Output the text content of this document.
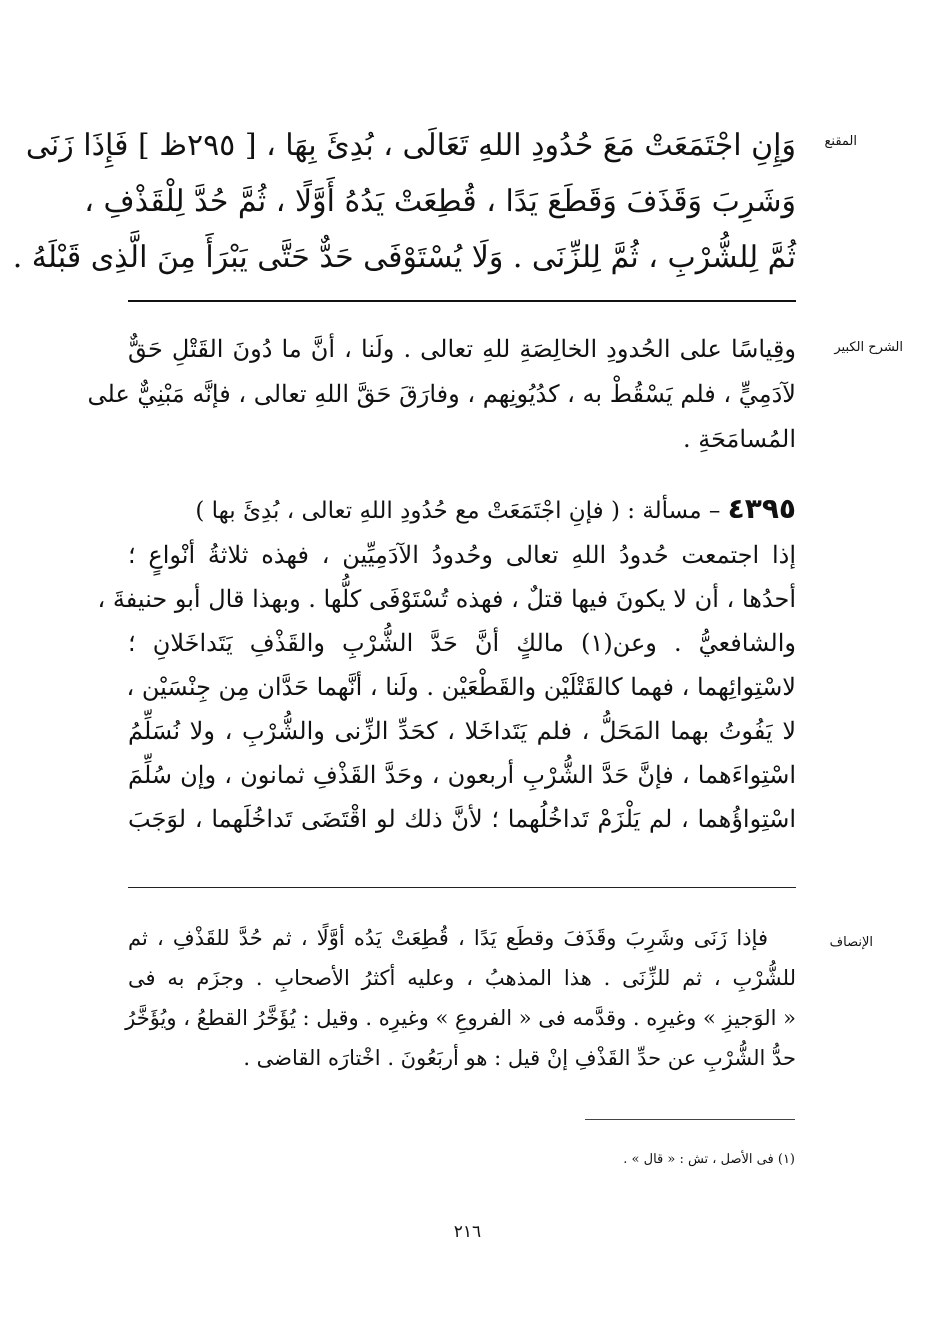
المقنع
وَإِنِ اجْتَمَعَتْ مَعَ حُدُودِ اللهِ تَعَالَى ، بُدِئَ بِهَا ، [ ٢٩٥ظ ] فَإِذَا زَنَى
وَشَرِبَ وَقَذَفَ وَقَطَعَ يَدًا ، قُطِعَتْ يَدُهُ أَوَّلًا ، ثُمَّ حُدَّ لِلْقَذْفِ ،
ثُمَّ لِلشُّرْبِ ، ثُمَّ لِلزِّنَى . وَلَا يُسْتَوْفَى حَدٌّ حَتَّى يَبْرَأَ مِنَ الَّذِى قَبْلَهُ .
الشرح الكبير
وقِياسًا على الحُدودِ الخالِصَةِ للهِ تعالى . ولَنا ، أنَّ ما دُونَ القَتْلِ حَقٌّ
لآدَمِيٍّ ، فلم يَسْقُطْ به ، كدُيُونِهم ، وفارَقَ حَقَّ اللهِ تعالى ، فإنَّه مَبْنِيٌّ على
المُسامَحَةِ .
٤٣٩٥ – مسألة : ( فإنِ اجْتَمَعَتْ مع حُدُودِ اللهِ تعالى ، بُدِئَ بها )
إذا اجتمعت حُدودُ اللهِ تعالى وحُدودُ الآدَمِيِّين ، فهذه ثلاثةُ أنْواعٍ ؛
أحدُها ، أن لا يكونَ فيها قتلٌ ، فهذه تُسْتَوْفَى كلُّها . وبهذا قال أبو حنيفةَ ،
والشافعيُّ . وعن(١) مالكٍ أنَّ حَدَّ الشُّرْبِ والقَذْفِ يَتَداخَلانِ ؛
لاسْتِوائِهما ، فهما كالقَتْلَيْن والقَطْعَيْن . ولَنا ، أنَّهما حَدَّان مِن جِنْسَيْن ،
لا يَفُوتُ بهما المَحَلُّ ، فلم يَتَداخَلا ، كحَدِّ الزِّنى والشُّرْبِ ، ولا نُسَلِّمُ
اسْتِواءَهما ، فإنَّ حَدَّ الشُّرْبِ أربعون ، وحَدَّ القَذْفِ ثمانون ، وإن سُلِّمَ
اسْتِواؤُهما ، لم يَلْزَمْ تَداخُلُهما ؛ لأنَّ ذلك لو اقْتَضَى تَداخُلَهما ، لوَجَبَ
الإنصاف
فإذا زَنَى وشَرِبَ وقَذَفَ وقطَع يَدًا ، قُطِعَتْ يَدُه أوَّلًا ، ثم حُدَّ للقَذْفِ ، ثم
للشُّرْبِ ، ثم للزِّنَى . هذا المذهبُ ، وعليه أكثرُ الأصحابِ . وجزَم به فى
« الوَجيزِ » وغيرِه . وقدَّمه فى « الفروعِ » وغيرِه . وقيل : يُؤَخَّرُ القطعُ ، ويُؤَخَّرُ
حدُّ الشُّرْبِ عن حدِّ القَذْفِ إنْ قيل : هو أربَعُونَ . اخْتارَه القاضى .
(١) فى الأصل ، تش : « قال » .
٢١٦
